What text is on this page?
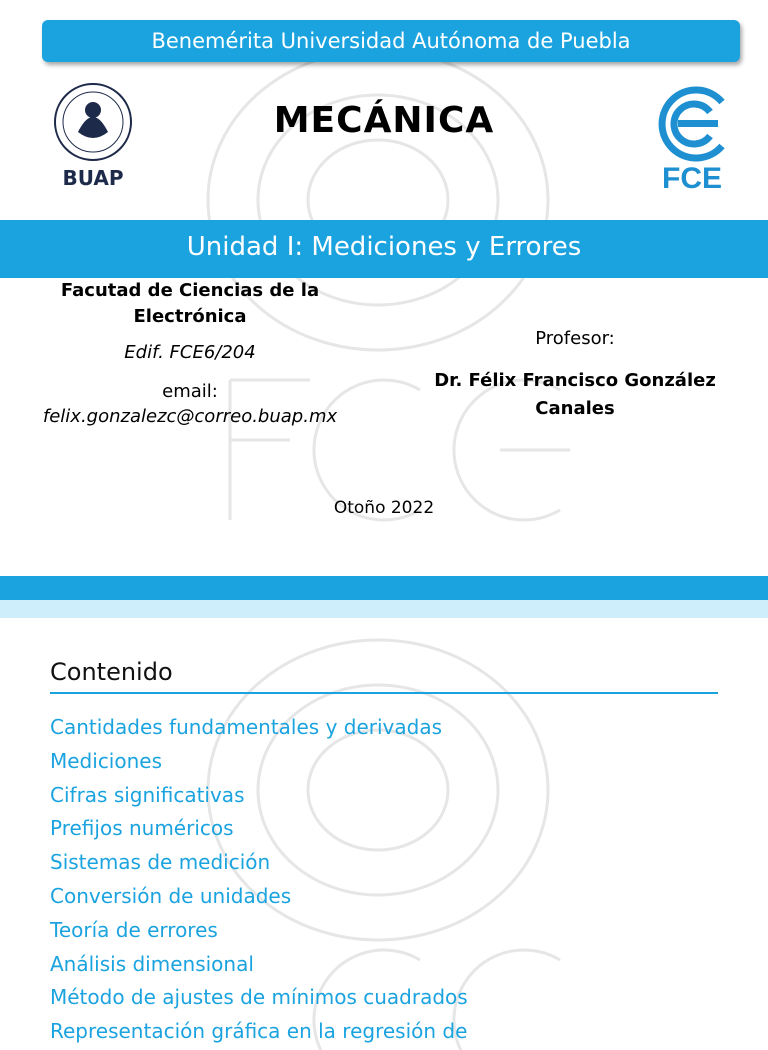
Benemérita Universidad Autónoma de Puebla
BUAP
MECÁNICA
FCE
Unidad I: Mediciones y Errores
Facutad de Ciencias de la Electrónica
Edif. FCE6/204
email:
felix.gonzalezc@correo.buap.mx
Profesor:
Dr. Félix Francisco González Canales
Otoño 2022
Contenido
Cantidades fundamentales y derivadas
Mediciones
Cifras significativas
Prefijos numéricos
Sistemas de medición
Conversión de unidades
Teoría de errores
Análisis dimensional
Método de ajustes de mínimos cuadrados
Representación gráfica en la regresión de
